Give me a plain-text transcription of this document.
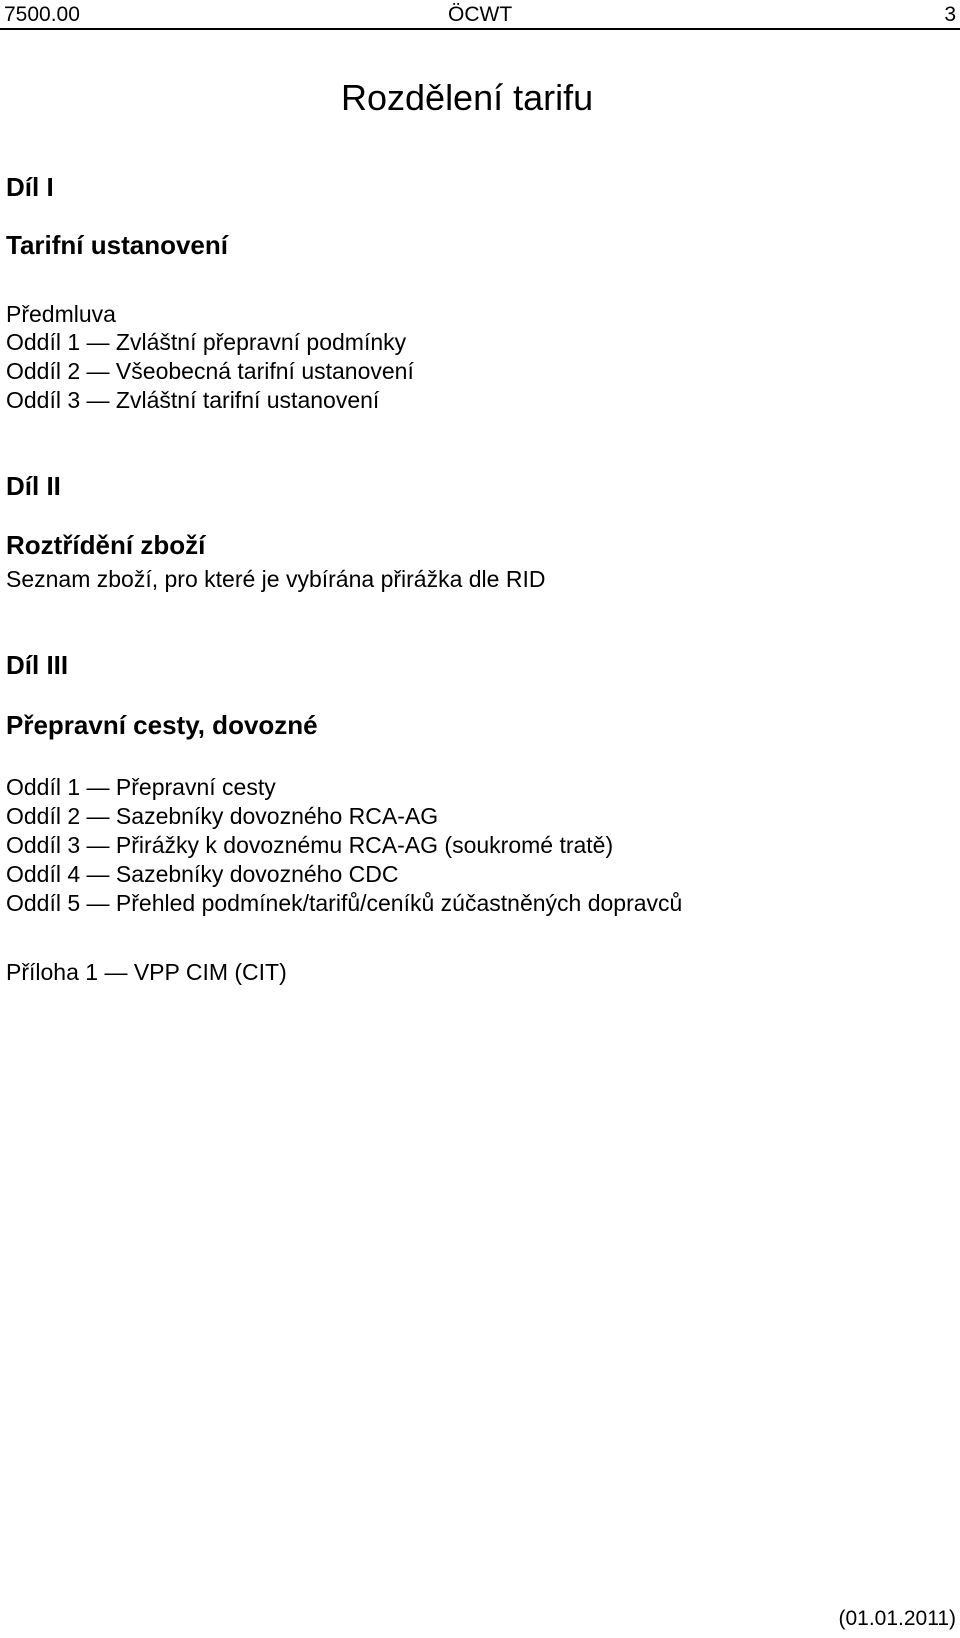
7500.00	ÖCWT	3
Rozdělení tarifu
Díl I
Tarifní ustanovení

Předmluva

Oddíl 1 — Zvláštní přepravní podmínky

Oddíl 2 — Všeobecná tarifní ustanovení

Oddíl 3 — Zvláštní tarifní ustanovení

Díl II
Roztřídění zboží

Seznam zboží, pro které je vybírána přirážka dle RID

Díl III
Přepravní cesty, dovozné

Oddíl 1 — Přepravní cesty

Oddíl 2 — Sazebníky dovozného RCA-AG

Oddíl 3 — Přirážky k dovoznému RCA-AG (soukromé tratě)

Oddíl 4 — Sazebníky dovozného CDC

Oddíl 5 — Přehled podmínek/tarifů/ceníků zúčastněných dopravců

Příloha 1 — VPP CIM (CIT)

(01.01.2011)
